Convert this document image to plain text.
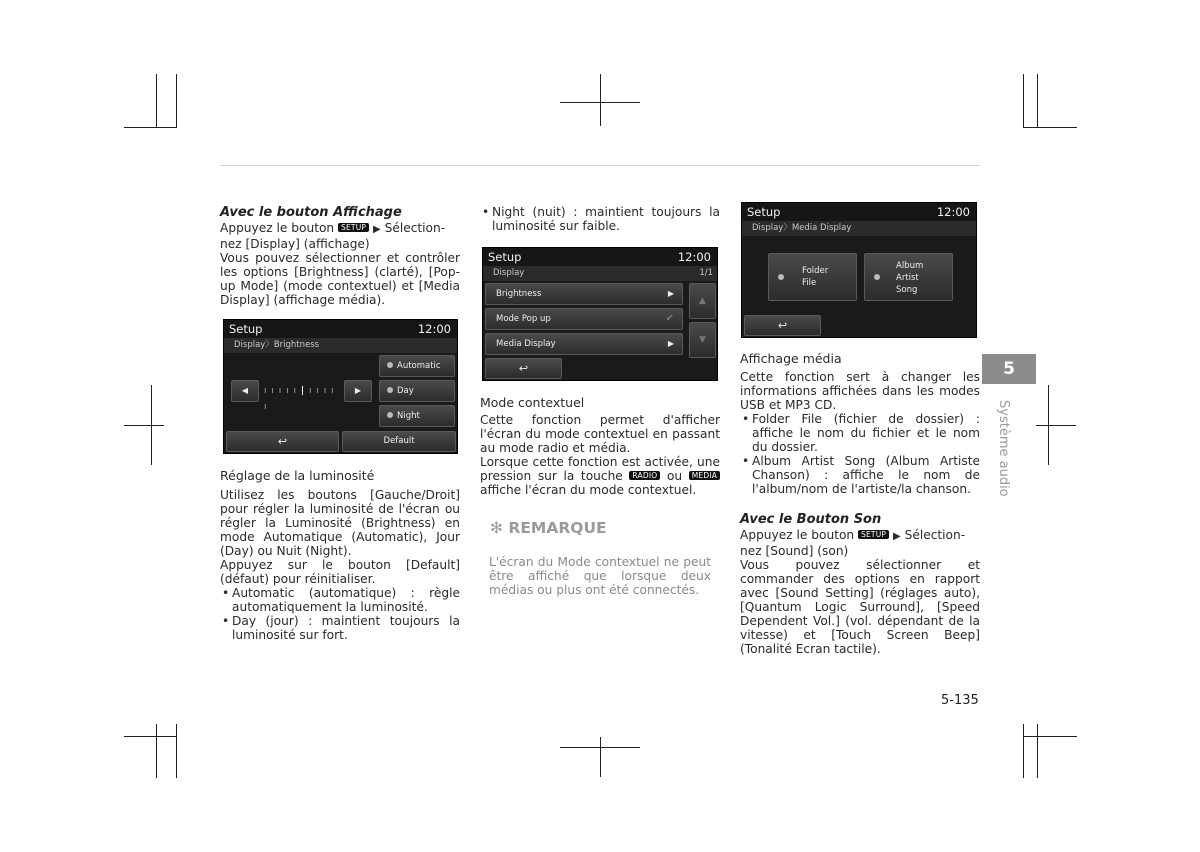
Avec le bouton Affichage

Appuyez le bouton SETUP ▶ Sélection-

nez [Display] (affichage)

Vous pouvez sélectionner et contrôler les options [Brightness] (clarté), [Pop-up Mode] (mode contextuel) et [Media Display] (affichage média).

Setup	12:00
Display〉Brightness
◀	ı ı ı ı ı | ı ı ı ı ı
▶
Automatic
Day
Night
↩	Default

Réglage de la luminosité

Utilisez les boutons [Gauche/Droit] pour régler la luminosité de l'écran ou régler la Luminosité (Brightness) en mode Automatique (Automatic), Jour (Day) ou Nuit (Night).

Appuyez sur le bouton [Default] (défaut) pour réinitialiser.

• Automatic (automatique) : règle automatiquement la luminosité.

• Day (jour) : maintient toujours la luminosité sur fort.

• Night (nuit) : maintient toujours la luminosité sur faible.

Setup	12:00
Display	1/1
Brightness	▶
Mode Pop up	✔
Media Display	▶
▲
▼
↩

Mode contextuel

Cette fonction permet d'afficher l'écran du mode contextuel en passant au mode radio et média.

Lorsque cette fonction est activée, une pression sur la touche RADIO ou MEDIA affiche l'écran du mode contextuel.

✻ REMARQUE
L'écran du Mode contextuel ne peut être affiché que lorsque deux médias ou plus ont été connectés.
Setup	12:00
Display〉Media Display
Folder
File
Album
Artist
Song
↩

Affichage média

Cette fonction sert à changer les informations affichées dans les modes USB et MP3 CD.

• Folder File (fichier de dossier) : affiche le nom du fichier et le nom du dossier.

• Album Artist Song (Album Artiste Chanson) : affiche le nom de l'album/nom de l'artiste/la chanson.

Avec le Bouton Son

Appuyez le bouton SETUP ▶ Sélection-

nez [Sound] (son)

Vous pouvez sélectionner et commander des options en rapport avec [Sound Setting] (réglages auto), [Quantum Logic Surround], [Speed Dependent Vol.] (vol. dépendant de la vitesse) et [Touch Screen Beep] (Tonalité Ecran tactile).

5
Système audio
5-135
